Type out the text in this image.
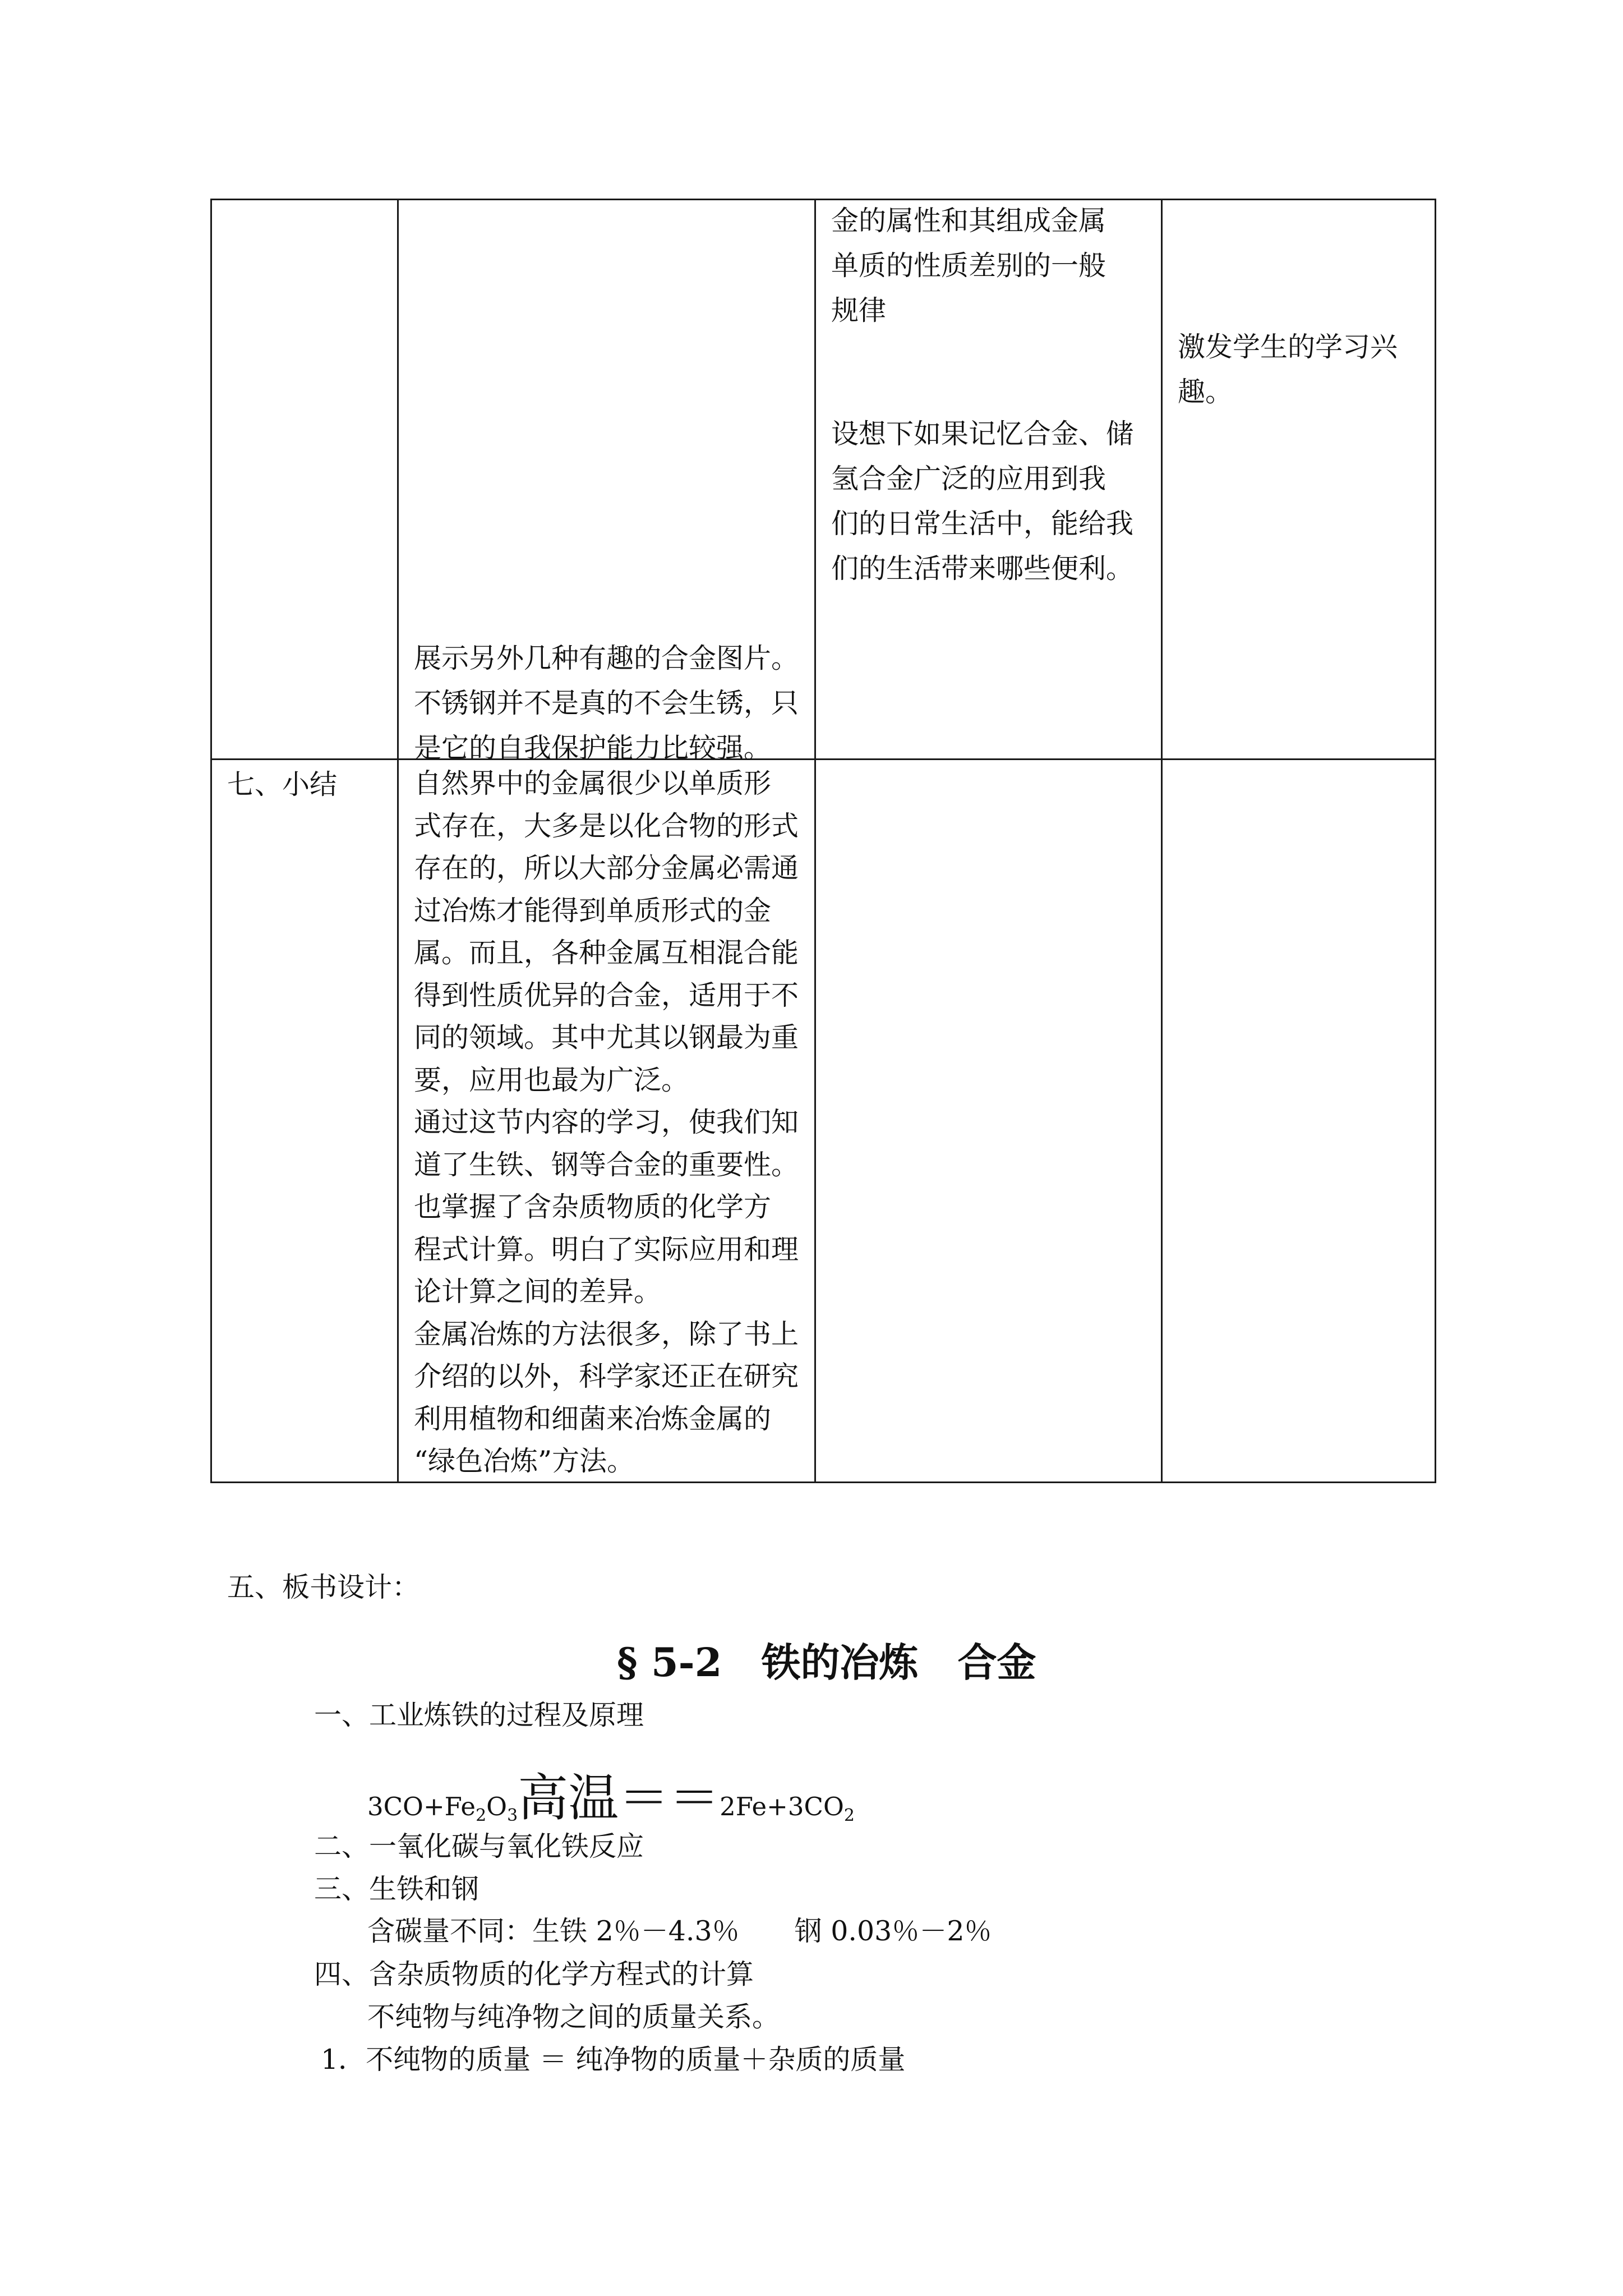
展示另外几种有趣的合金图片。

不锈钢并不是真的不会生锈，只

是它的自我保护能力比较强。

金的属性和其组成金属

单质的性质差别的一般

规律

设想下如果记忆合金、储

氢合金广泛的应用到我

们的日常生活中，能给我

们的生活带来哪些便利。

激发学生的学习兴

趣。

七、小结	自然界中的金属很少以单质形

式存在，大多是以化合物的形式

存在的，所以大部分金属必需通

过冶炼才能得到单质形式的金

属。而且，各种金属互相混合能

得到性质优异的合金，适用于不

同的领域。其中尤其以钢最为重

要，应用也最为广泛。

通过这节内容的学习，使我们知

道了生铁、钢等合金的重要性。

也掌握了含杂质物质的化学方

程式计算。明白了实际应用和理

论计算之间的差异。

金属冶炼的方法很多，除了书上

介绍的以外，科学家还正在研究

利用植物和细菌来冶炼金属的

“绿色冶炼”方法。

五、板书设计：
§ 5-2　铁的冶炼　合金
一、工业炼铁的过程及原理
$3CO+Fe_2O_3$高温$==2Fe+3CO_2$
二、一氧化碳与氧化铁反应
三、生铁和钢
含碳量不同：生铁 2％－4.3％　　钢 0.03％－2％
四、含杂质物质的化学方程式的计算
不纯物与纯净物之间的质量关系。
1．不纯物的质量 ＝ 纯净物的质量＋杂质的质量
